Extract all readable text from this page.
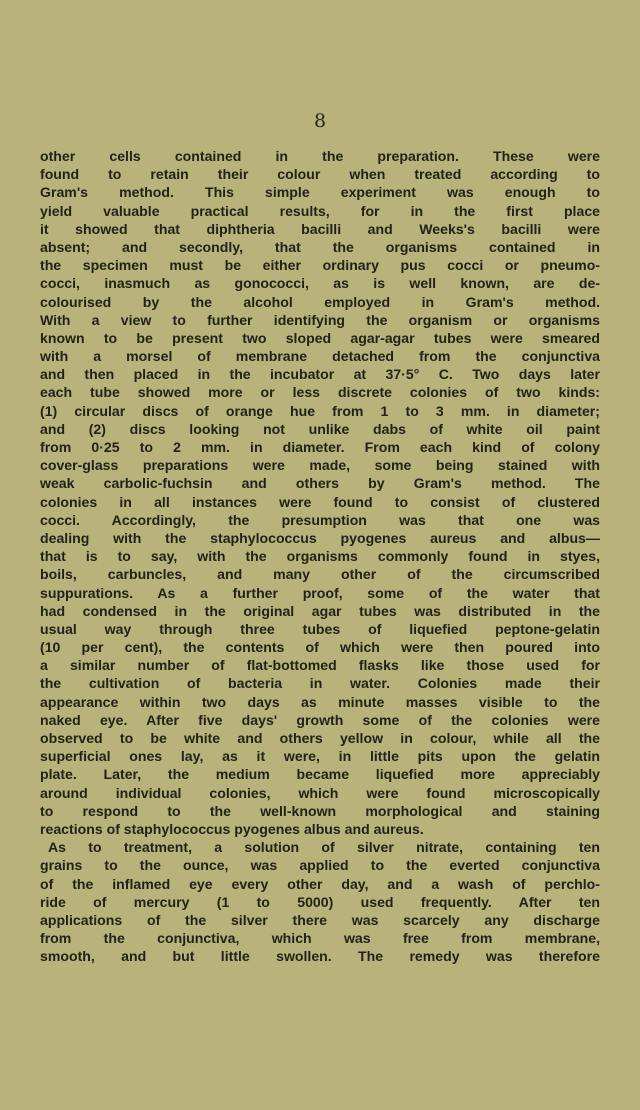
8
other cells contained in the preparation. These were
found to retain their colour when treated according to
Gram's method. This simple experiment was enough to
yield valuable practical results, for in the first place
it showed that diphtheria bacilli and Weeks's bacilli were
absent; and secondly, that the organisms contained in
the specimen must be either ordinary pus cocci or pneumo-
cocci, inasmuch as gonococci, as is well known, are de-
colourised by the alcohol employed in Gram's method.
With a view to further identifying the organism or organisms
known to be present two sloped agar-agar tubes were smeared
with a morsel of membrane detached from the conjunctiva
and then placed in the incubator at 37·5° C. Two days later
each tube showed more or less discrete colonies of two kinds:
(1) circular discs of orange hue from 1 to 3 mm. in diameter;
and (2) discs looking not unlike dabs of white oil paint
from 0·25 to 2 mm. in diameter. From each kind of colony
cover-glass preparations were made, some being stained with
weak carbolic-fuchsin and others by Gram's method. The
colonies in all instances were found to consist of clustered
cocci. Accordingly, the presumption was that one was
dealing with the staphylococcus pyogenes aureus and albus—
that is to say, with the organisms commonly found in styes,
boils, carbuncles, and many other of the circumscribed
suppurations. As a further proof, some of the water that
had condensed in the original agar tubes was distributed in the
usual way through three tubes of liquefied peptone-gelatin
(10 per cent), the contents of which were then poured into
a similar number of flat-bottomed flasks like those used for
the cultivation of bacteria in water. Colonies made their
appearance within two days as minute masses visible to the
naked eye. After five days' growth some of the colonies were
observed to be white and others yellow in colour, while all the
superficial ones lay, as it were, in little pits upon the gelatin
plate. Later, the medium became liquefied more appreciably
around individual colonies, which were found microscopically
to respond to the well-known morphological and staining
reactions of staphylococcus pyogenes albus and aureus.
As to treatment, a solution of silver nitrate, containing ten
grains to the ounce, was applied to the everted conjunctiva
of the inflamed eye every other day, and a wash of perchlo-
ride of mercury (1 to 5000) used frequently. After ten
applications of the silver there was scarcely any discharge
from the conjunctiva, which was free from membrane,
smooth, and but little swollen. The remedy was therefore
